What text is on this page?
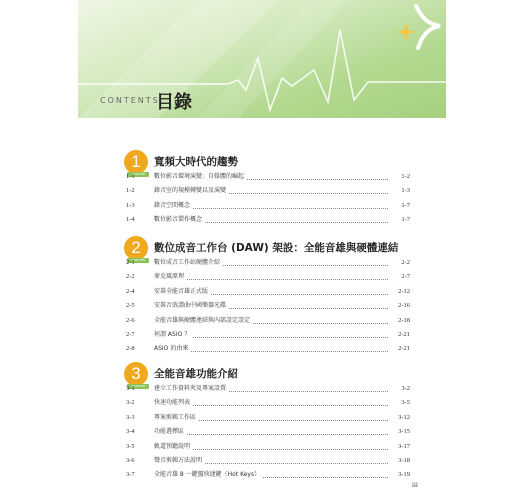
CONTENTS
目錄
1
CHAPTER
寬頻大時代的趨勢
1-1	數位影音環境演變：自媒體的崛起	1-2
1-2	錄音室的規模轉變以及演變	1-3
1-3	錄音空間概念	1-7
1-4	數位影音製作概念	1-7
2
CHAPTER
數位成音工作台 (DAW) 架設：全能音雄與硬體連結
2-1	數位成音工作站硬體介紹	2-2
2-2	麥克風原理	2-7
2-4	安裝全能音雄正式版	2-12
2-5	安裝音效譜曲中國樂器光碟	2-16
2-6	全能音雄與硬體連結與內部設定設定	2-18
2-7	何謂 ASIO ？	2-21
2-8	ASIO 的由來	2-21
3
CHAPTER
全能音雄功能介紹
3-1	建立工作資料夾及專案設置	3-2
3-2	快速功能列表	3-5
3-3	專案剪輯工作區	3-12
3-4	功能選擇區	3-15
3-5	軌道預聽說明	3-17
3-6	聲音剪輯方法說明	3-18
3-7	全能音雄 8 一鍵盤快捷鍵（Hot Keys）	3-19
iii
